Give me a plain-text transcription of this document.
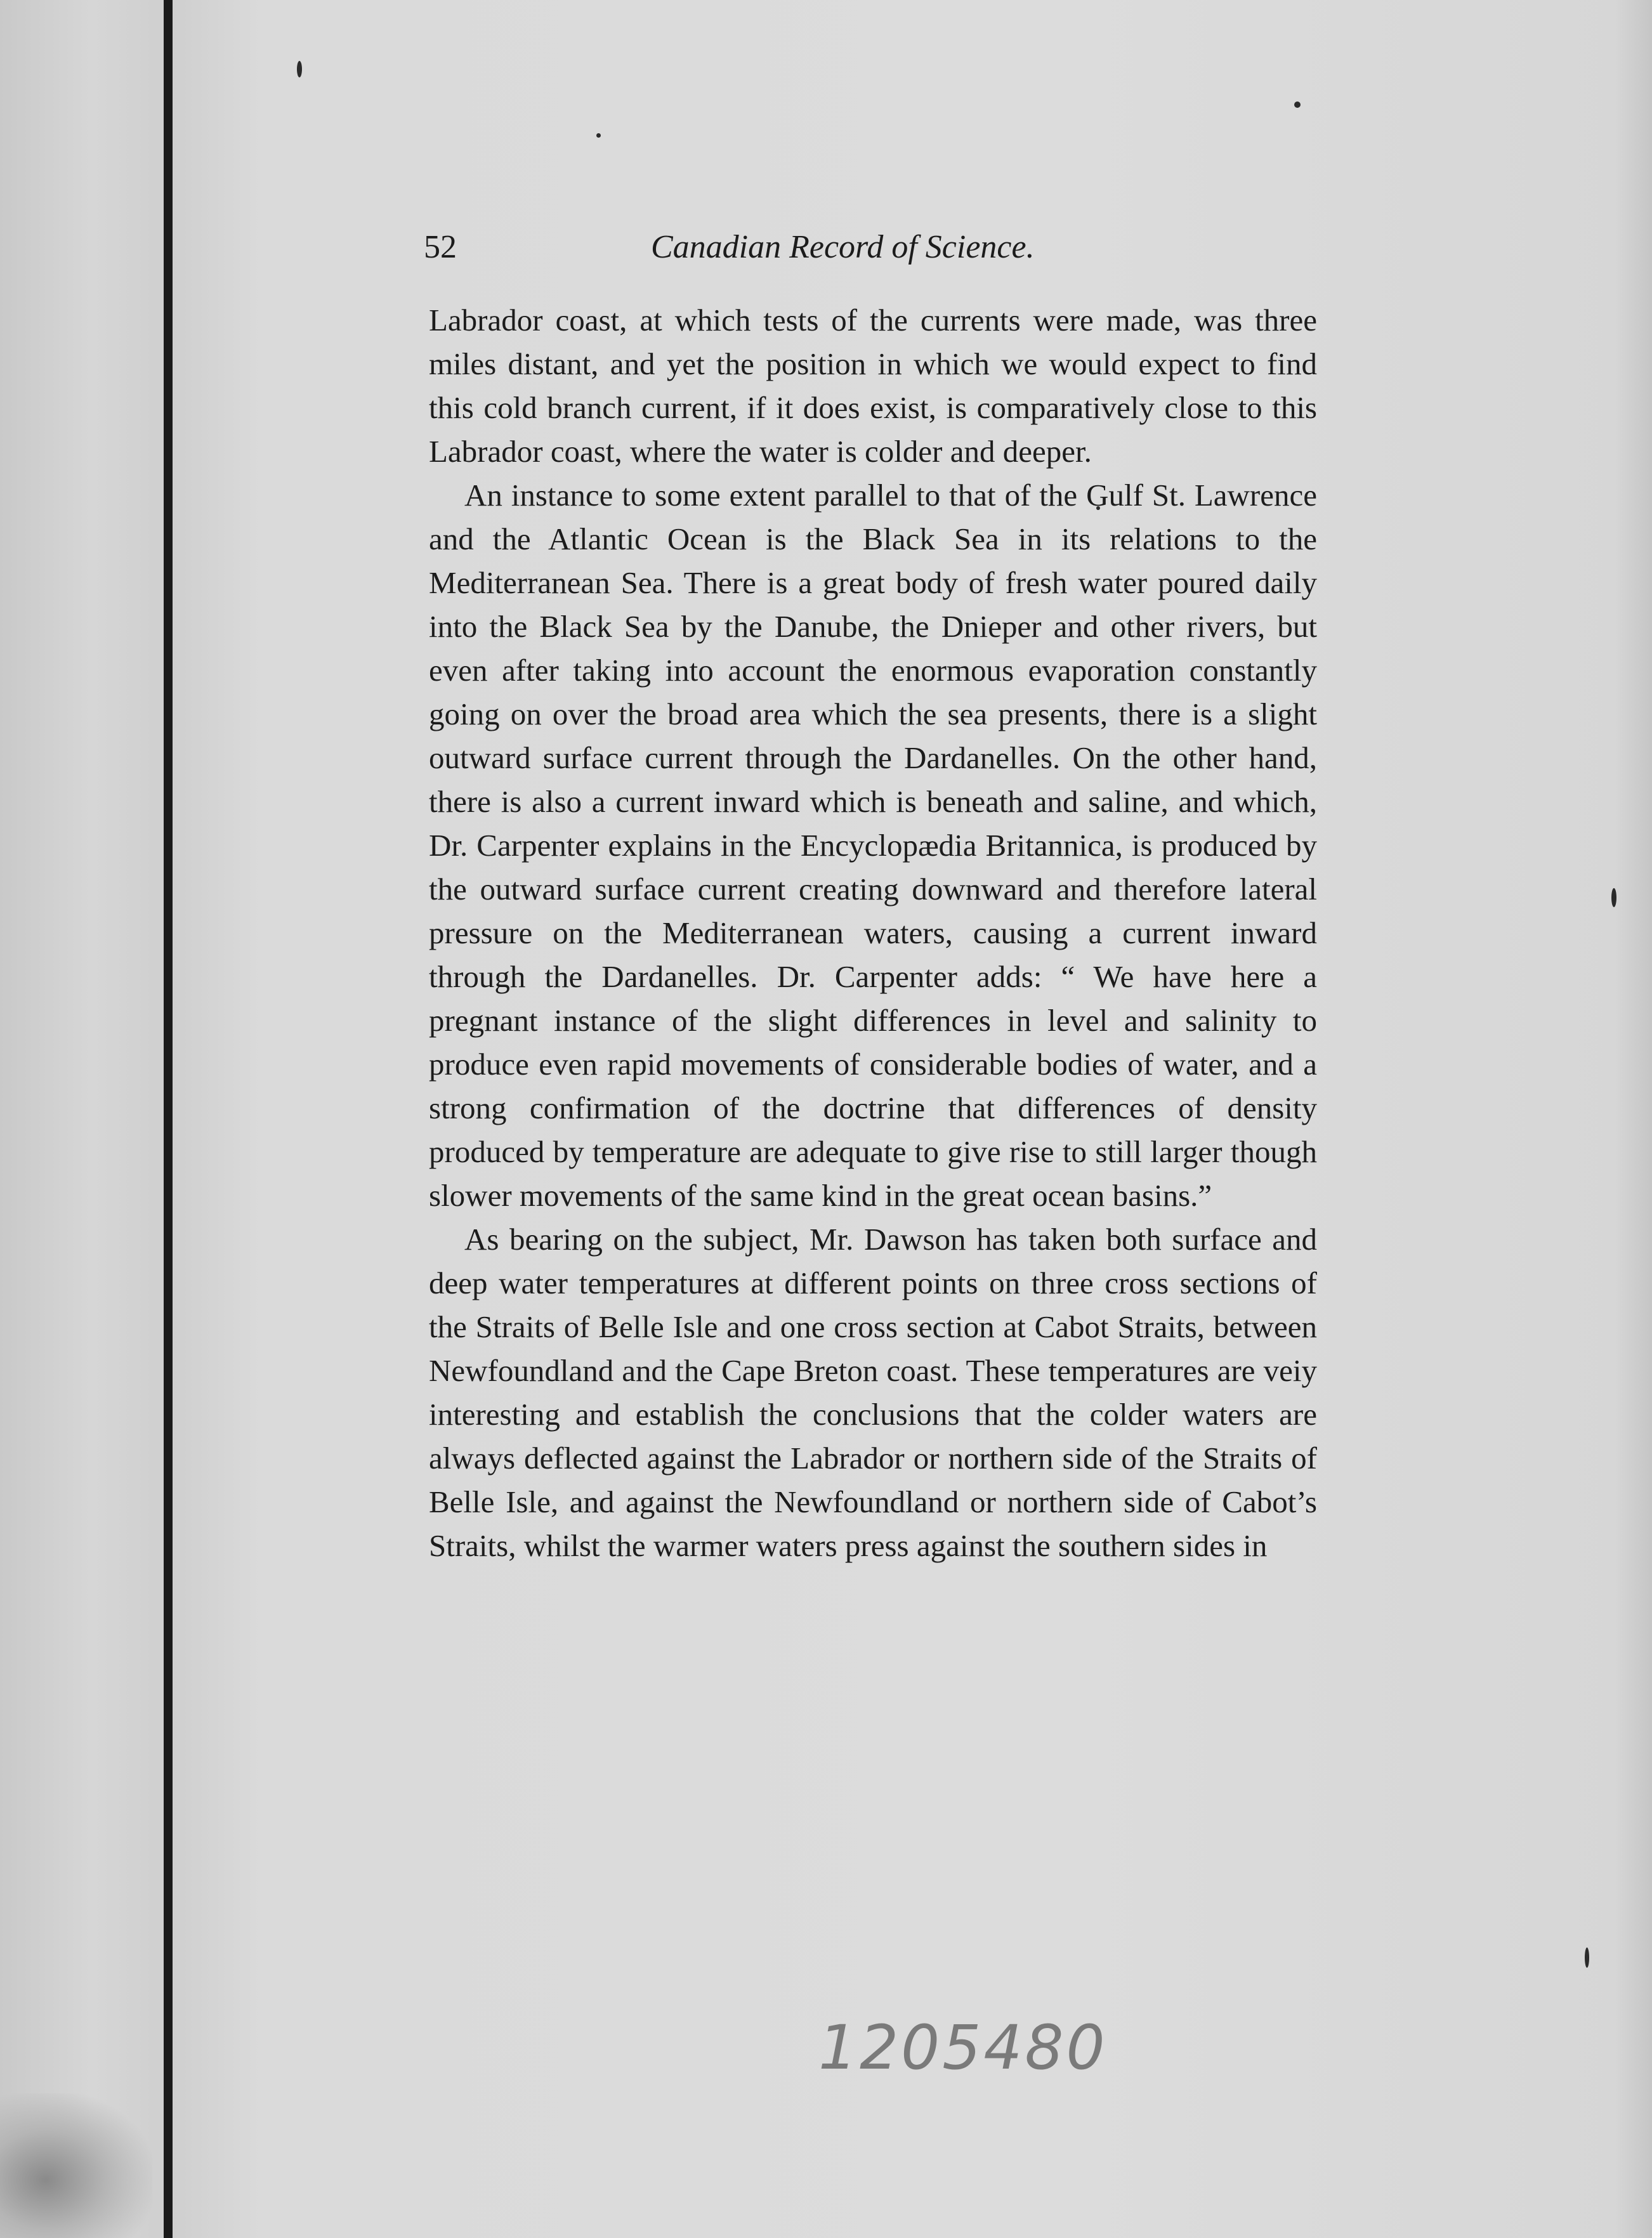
52	Canadian Record of Science.

Labrador coast, at which tests of the currents were made, was three miles distant, and yet the position in which we would expect to find this cold branch current, if it does exist, is comparatively close to this Labrador coast, where the water is colder and deeper.

An instance to some extent parallel to that of the Gulf St. Lawrence and the Atlantic Ocean is the Black Sea in its relations to the Mediterranean Sea. There is a great body of fresh water poured daily into the Black Sea by the Danube, the Dnieper and other rivers, but even after taking into account the enormous evaporation constantly going on over the broad area which the sea presents, there is a slight outward surface current through the Dardanelles. On the other hand, there is also a current inward which is beneath and saline, and which, Dr. Carpenter explains in the Encyclopædia Britannica, is produced by the outward surface current creating downward and therefore lateral pressure on the Mediterranean waters, causing a current inward through the Dardanelles. Dr. Carpenter adds: “ We have here a pregnant instance of the slight differences in level and salinity to produce even rapid movements of considerable bodies of water, and a strong confirmation of the doctrine that differences of density produced by temperature are adequate to give rise to still larger though slower movements of the same kind in the great ocean basins.”

As bearing on the subject, Mr. Dawson has taken both surface and deep water temperatures at different points on three cross sections of the Straits of Belle Isle and one cross section at Cabot Straits, between Newfoundland and the Cape Breton coast. These temperatures are veiy interesting and establish the conclusions that the colder waters are always deflected against the Labrador or northern side of the Straits of Belle Isle, and against the Newfoundland or northern side of Cabot’s Straits, whilst the warmer waters press against the southern sides in

1205480
